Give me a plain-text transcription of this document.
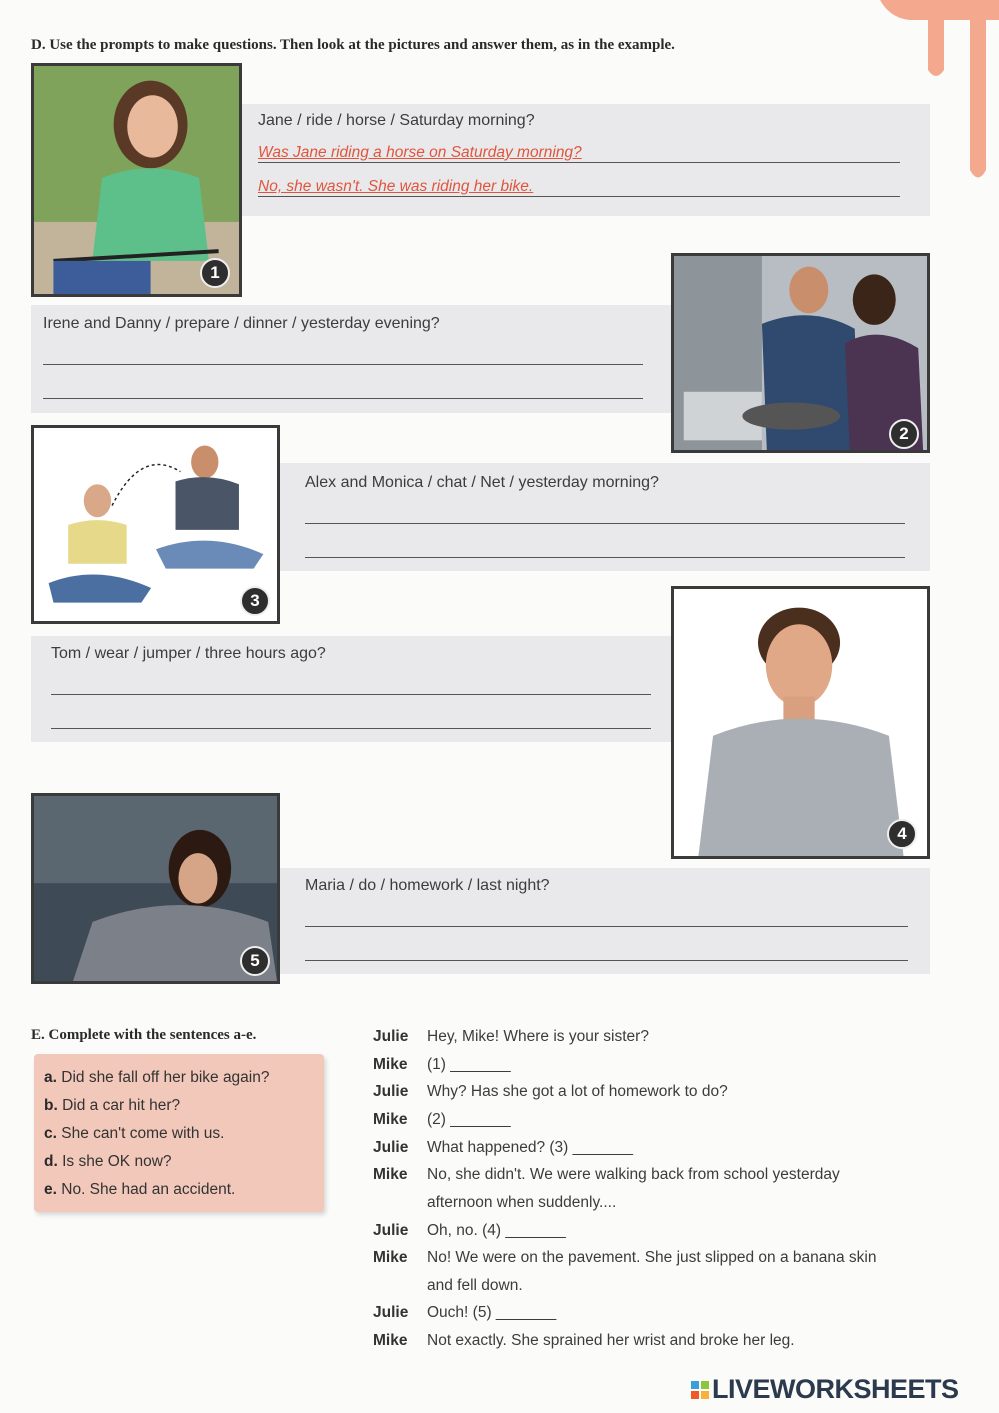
D. Use the prompts to make questions. Then look at the pictures and answer them, as in the example.
1
Jane / ride / horse / Saturday morning?
Was Jane riding a horse on Saturday morning?
No, she wasn't. She was riding her bike.
2
Irene and Danny / prepare / dinner / yesterday evening?
3
Alex and Monica / chat / Net / yesterday morning?
4
Tom / wear / jumper / three hours ago?
5
Maria / do / homework / last night?
E. Complete with the sentences a-e.
a. Did she fall off her bike again?
b. Did a car hit her?
c. She can't come with us.
d. Is she OK now?
e. No. She had an accident.
Julie Hey, Mike! Where is your sister?
Mike (1) _______
Julie Why? Has she got a lot of homework to do?
Mike (2) _______
Julie What happened? (3) _______
Mike No, she didn't. We were walking back from school yesterday
afternoon when suddenly....
Julie Oh, no. (4) _______
Mike No! We were on the pavement. She just slipped on a banana skin
and fell down.
Julie Ouch! (5) _______
Mike Not exactly. She sprained her wrist and broke her leg.

LIVEWORKSHEETS
